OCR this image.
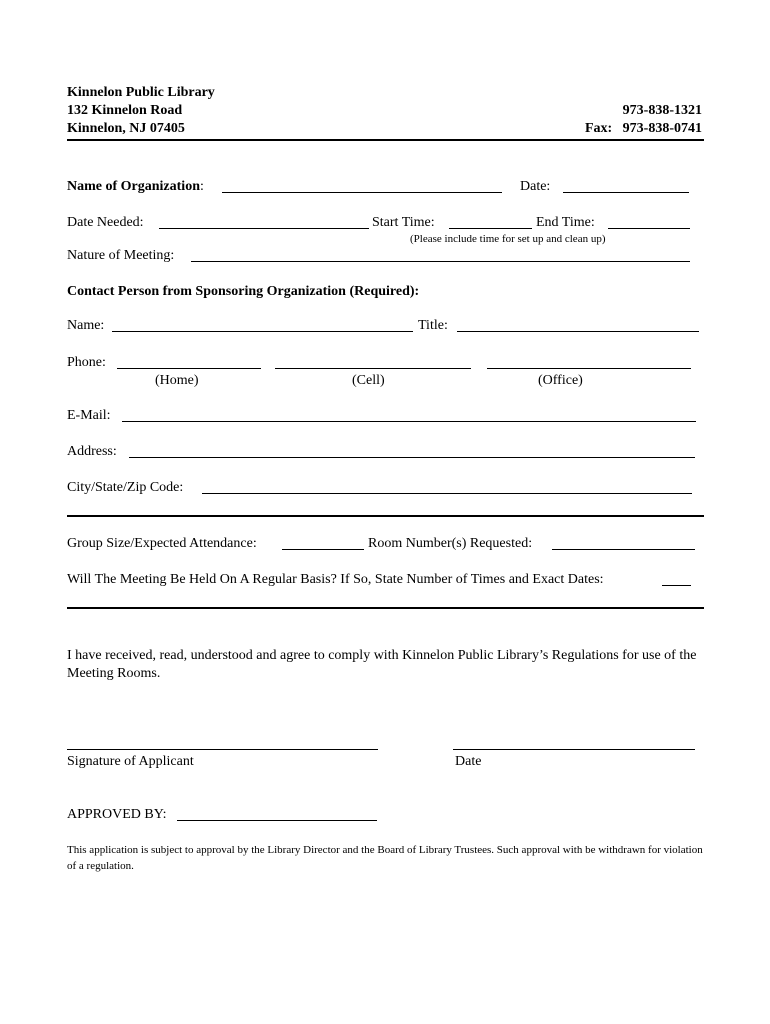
Kinnelon Public Library
132 Kinnelon Road
Kinnelon, NJ 07405
973-838-1321
Fax: 973-838-0741
Name of Organization:	Date:
Date Needed:	Start Time:	End Time:
(Please include time for set up and clean up)
Nature of Meeting:
Contact Person from Sponsoring Organization (Required):
Name:	Title:
Phone:
(Home)	(Cell)	(Office)
E-Mail:
Address:
City/State/Zip Code:
Group Size/Expected Attendance:	Room Number(s) Requested:
Will The Meeting Be Held On A Regular Basis? If So, State Number of Times and Exact Dates:
I have received, read, understood and agree to comply with Kinnelon Public Library’s Regulations for use of the Meeting Rooms.
Signature of Applicant	Date
APPROVED BY:
This application is subject to approval by the Library Director and the Board of Library Trustees. Such approval with be withdrawn for violation of a regulation.
